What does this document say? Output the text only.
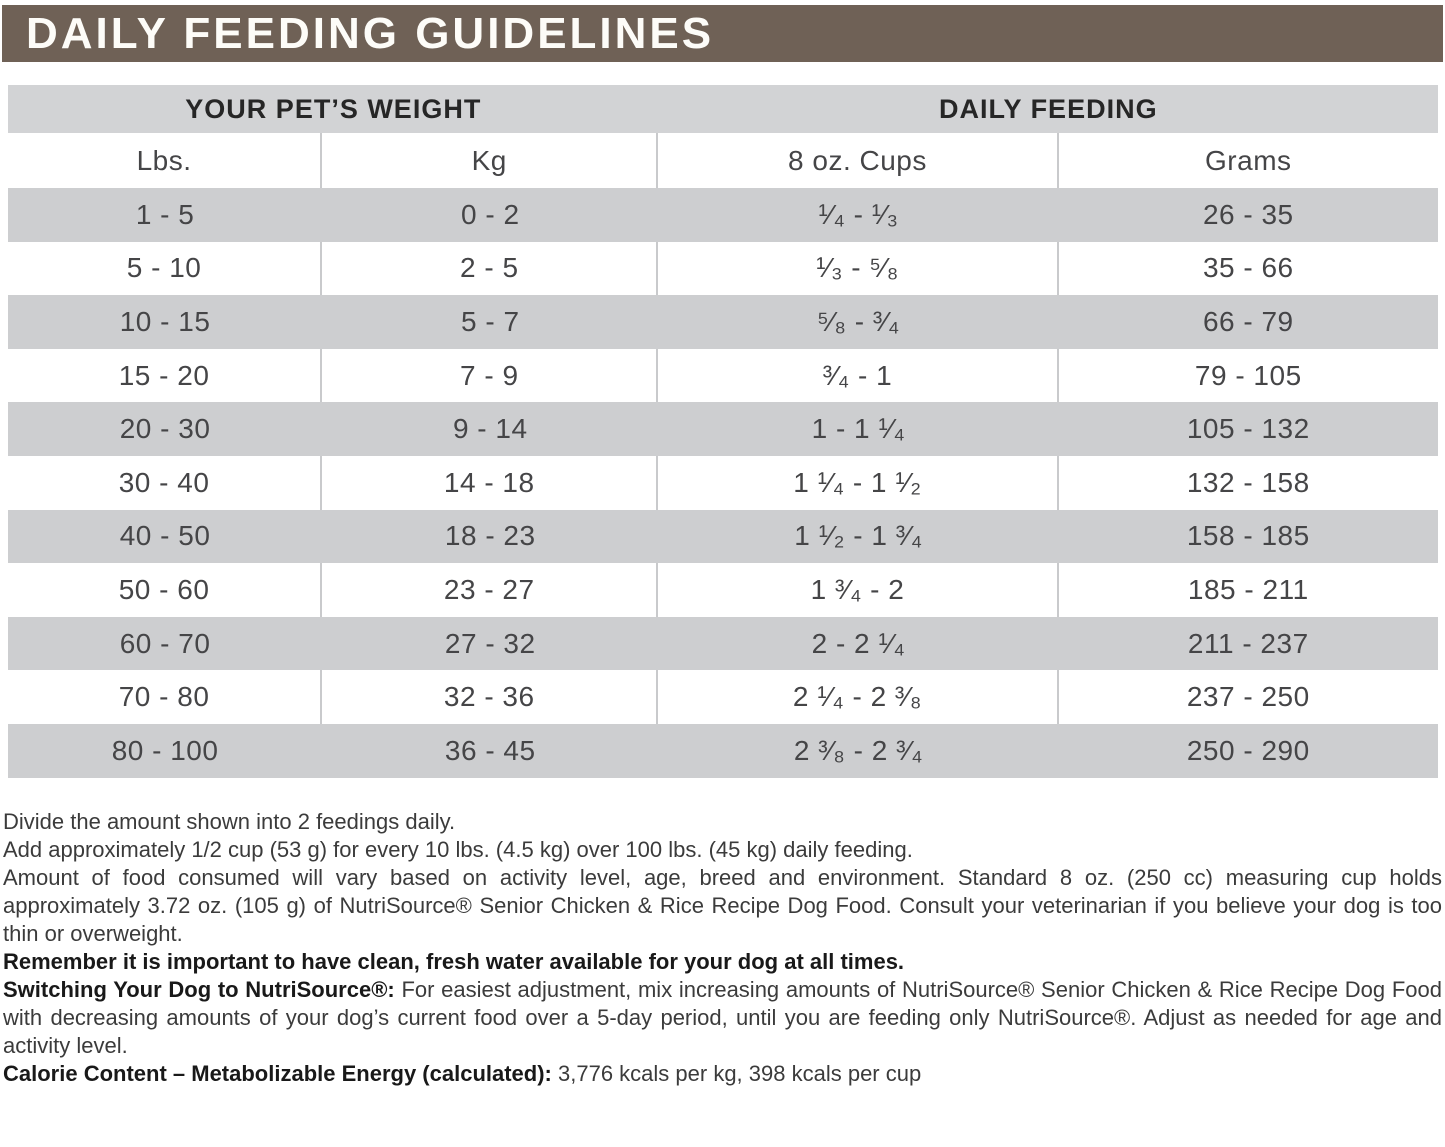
DAILY FEEDING GUIDELINES
YOUR PET’S WEIGHT	DAILY FEEDING
Lbs.	Kg	8 oz. Cups	Grams
1 - 5	0 - 2	¹⁄₄ - ¹⁄₃	26 - 35
5 - 10	2 - 5	¹⁄₃ - ⁵⁄₈	35 - 66
10 - 15	5 - 7	⁵⁄₈ - ³⁄₄	66 - 79
15 - 20	7 - 9	³⁄₄ - 1	79 - 105
20 - 30	9 - 14	1 - 1 ¹⁄₄	105 - 132
30 - 40	14 - 18	1 ¹⁄₄ - 1 ¹⁄₂	132 - 158
40 - 50	18 - 23	1 ¹⁄₂ - 1 ³⁄₄	158 - 185
50 - 60	23 - 27	1 ³⁄₄ - 2	185 - 211
60 - 70	27 - 32	2 - 2 ¹⁄₄	211 - 237
70 - 80	32 - 36	2 ¹⁄₄ - 2 ³⁄₈	237 - 250
80 - 100	36 - 45	2 ³⁄₈ - 2 ³⁄₄	250 - 290

Divide the amount shown into 2 feedings daily.

Add approximately 1/2 cup (53 g) for every 10 lbs. (4.5 kg) over 100 lbs. (45 kg) daily feeding.

Amount of food consumed will vary based on activity level, age, breed and environment. Standard 8 oz. (250 cc) measuring cup holds approximately 3.72 oz. (105 g) of NutriSource® Senior Chicken & Rice Recipe Dog Food. Consult your veterinarian if you believe your dog is too thin or overweight.

Remember it is important to have clean, fresh water available for your dog at all times.

Switching Your Dog to NutriSource®: For easiest adjustment, mix increasing amounts of NutriSource® Senior Chicken & Rice Recipe Dog Food with decreasing amounts of your dog’s current food over a 5-day period, until you are feeding only NutriSource®. Adjust as needed for age and activity level.

Calorie Content – Metabolizable Energy (calculated): 3,776 kcals per kg, 398 kcals per cup
